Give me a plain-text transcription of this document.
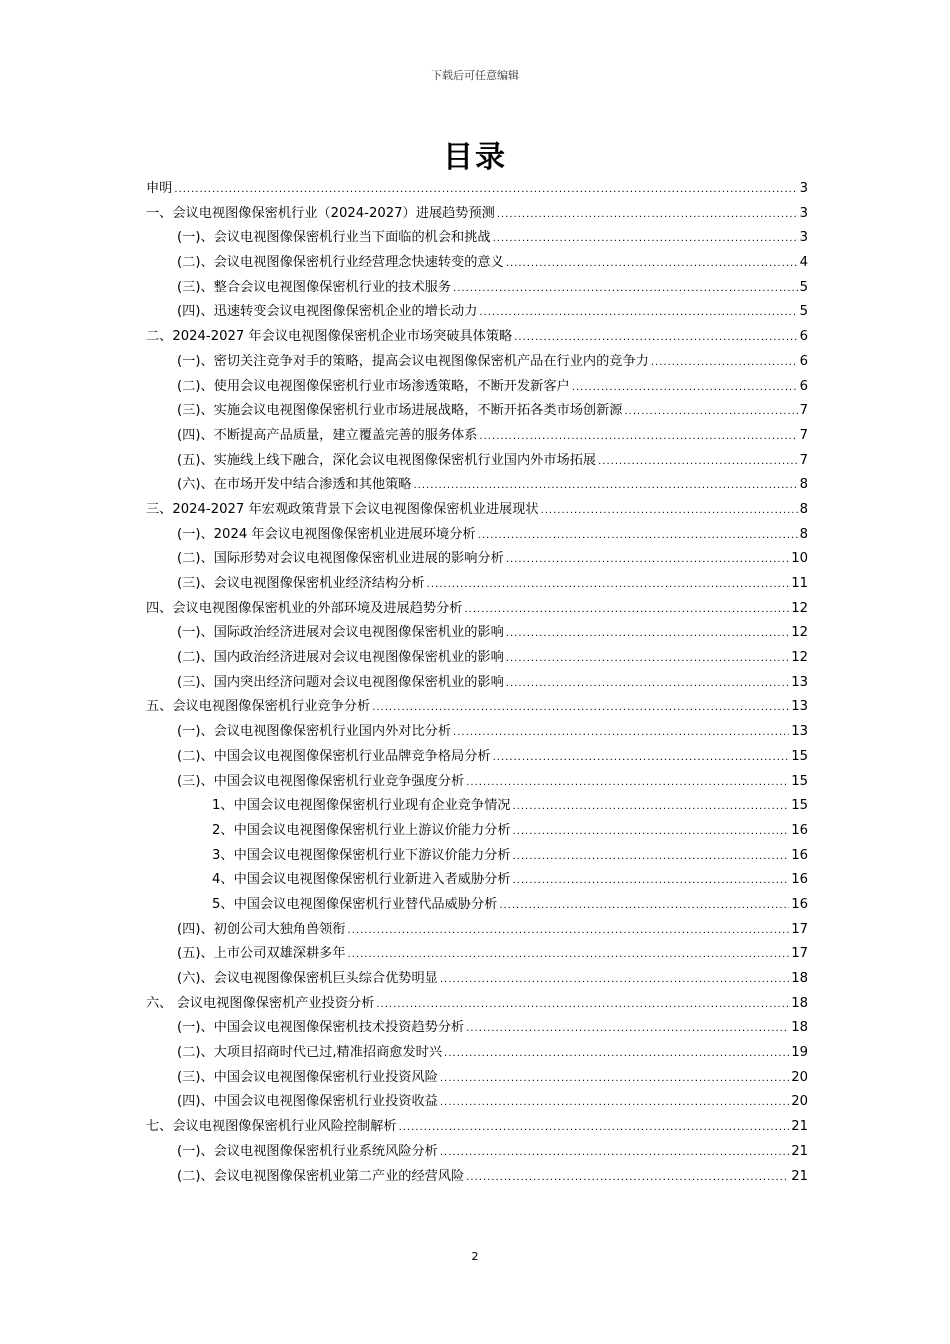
下载后可任意编辑
目录
申明 .....	3
一、会议电视图像保密机行业（2024-2027）进展趋势预测 .....	3
(一)、会议电视图像保密机行业当下面临的机会和挑战 .....	3
(二)、会议电视图像保密机行业经营理念快速转变的意义 .....	4
(三)、整合会议电视图像保密机行业的技术服务 .....	5
(四)、迅速转变会议电视图像保密机企业的增长动力 .....	5
二、2024-2027 年会议电视图像保密机企业市场突破具体策略 .....	6
(一)、密切关注竞争对手的策略，提高会议电视图像保密机产品在行业内的竞争力 .....	6
(二)、使用会议电视图像保密机行业市场渗透策略，不断开发新客户 .....	6
(三)、实施会议电视图像保密机行业市场进展战略，不断开拓各类市场创新源 .....	7
(四)、不断提高产品质量，建立覆盖完善的服务体系 .....	7
(五)、实施线上线下融合，深化会议电视图像保密机行业国内外市场拓展 .....	7
(六)、在市场开发中结合渗透和其他策略 .....	8
三、2024-2027 年宏观政策背景下会议电视图像保密机业进展现状 .....	8
(一)、2024 年会议电视图像保密机业进展环境分析 .....	8
(二)、国际形势对会议电视图像保密机业进展的影响分析 .....	10
(三)、会议电视图像保密机业经济结构分析 .....	11
四、会议电视图像保密机业的外部环境及进展趋势分析 .....	12
(一)、国际政治经济进展对会议电视图像保密机业的影响 .....	12
(二)、国内政治经济进展对会议电视图像保密机业的影响 .....	12
(三)、国内突出经济问题对会议电视图像保密机业的影响 .....	13
五、会议电视图像保密机行业竞争分析 .....	13
(一)、会议电视图像保密机行业国内外对比分析 .....	13
(二)、中国会议电视图像保密机行业品牌竞争格局分析 .....	15
(三)、中国会议电视图像保密机行业竞争强度分析 .....	15
1、中国会议电视图像保密机行业现有企业竞争情况 .....	15
2、中国会议电视图像保密机行业上游议价能力分析 .....	16
3、中国会议电视图像保密机行业下游议价能力分析 .....	16
4、中国会议电视图像保密机行业新进入者威胁分析 .....	16
5、中国会议电视图像保密机行业替代品威胁分析 .....	16
(四)、初创公司大独角兽领衔 .....	17
(五)、上市公司双雄深耕多年 .....	17
(六)、会议电视图像保密机巨头综合优势明显 .....	18
六、 会议电视图像保密机产业投资分析 .....	18
(一)、中国会议电视图像保密机技术投资趋势分析 .....	18
(二)、大项目招商时代已过,精准招商愈发时兴 .....	19
(三)、中国会议电视图像保密机行业投资风险 .....	20
(四)、中国会议电视图像保密机行业投资收益 .....	20
七、会议电视图像保密机行业风险控制解析 .....	21
(一)、会议电视图像保密机行业系统风险分析 .....	21
(二)、会议电视图像保密机业第二产业的经营风险 .....	21
2
